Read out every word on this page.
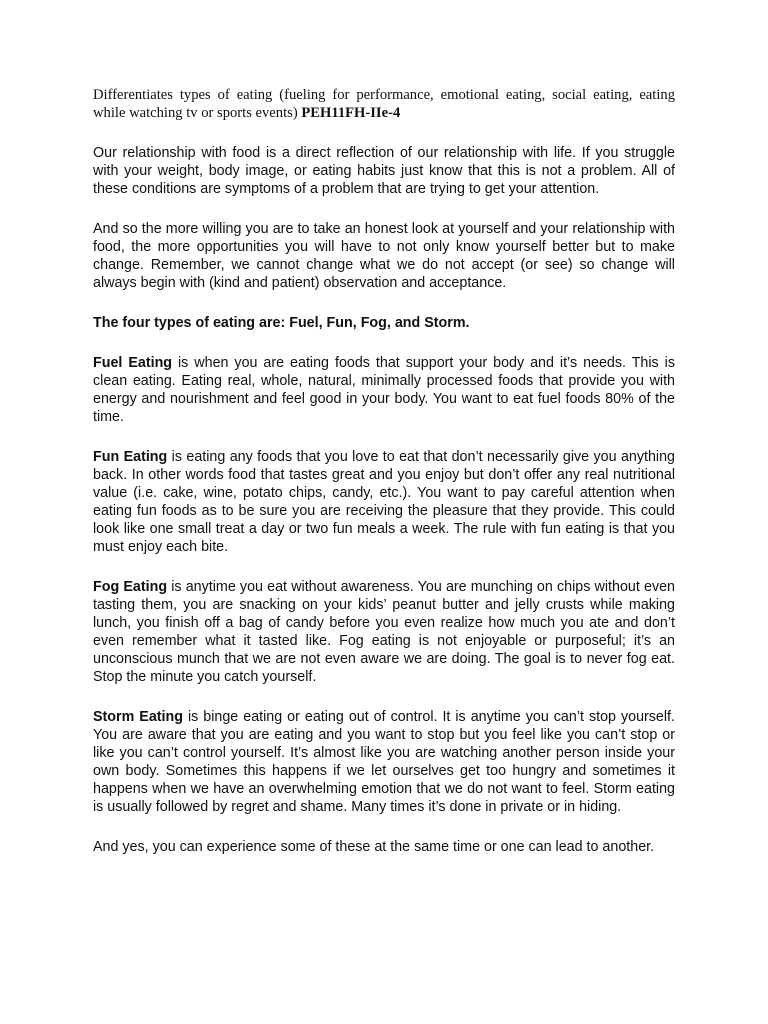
Differentiates types of eating (fueling for performance, emotional eating, social eating, eating while watching tv or sports events) PEH11FH-IIe-4

Our relationship with food is a direct reflection of our relationship with life. If you struggle with your weight, body image, or eating habits just know that this is not a problem. All of these conditions are symptoms of a problem that are trying to get your attention.

And so the more willing you are to take an honest look at yourself and your relationship with food, the more opportunities you will have to not only know yourself better but to make change. Remember, we cannot change what we do not accept (or see) so change will always begin with (kind and patient) observation and acceptance.

The four types of eating are: Fuel, Fun, Fog, and Storm.

Fuel Eating is when you are eating foods that support your body and it’s needs. This is clean eating. Eating real, whole, natural, minimally processed foods that provide you with energy and nourishment and feel good in your body. You want to eat fuel foods 80% of the time.

Fun Eating is eating any foods that you love to eat that don’t necessarily give you anything back. In other words food that tastes great and you enjoy but don’t offer any real nutritional value (i.e. cake, wine, potato chips, candy, etc.). You want to pay careful attention when eating fun foods as to be sure you are receiving the pleasure that they provide. This could look like one small treat a day or two fun meals a week. The rule with fun eating is that you must enjoy each bite.

Fog Eating is anytime you eat without awareness. You are munching on chips without even tasting them, you are snacking on your kids’ peanut butter and jelly crusts while making lunch, you finish off a bag of candy before you even realize how much you ate and don’t even remember what it tasted like. Fog eating is not enjoyable or purposeful; it’s an unconscious munch that we are not even aware we are doing. The goal is to never fog eat. Stop the minute you catch yourself.

Storm Eating is binge eating or eating out of control. It is anytime you can’t stop yourself. You are aware that you are eating and you want to stop but you feel like you can’t stop or like you can’t control yourself. It’s almost like you are watching another person inside your own body. Sometimes this happens if we let ourselves get too hungry and sometimes it happens when we have an overwhelming emotion that we do not want to feel. Storm eating is usually followed by regret and shame. Many times it’s done in private or in hiding.

And yes, you can experience some of these at the same time or one can lead to another.
